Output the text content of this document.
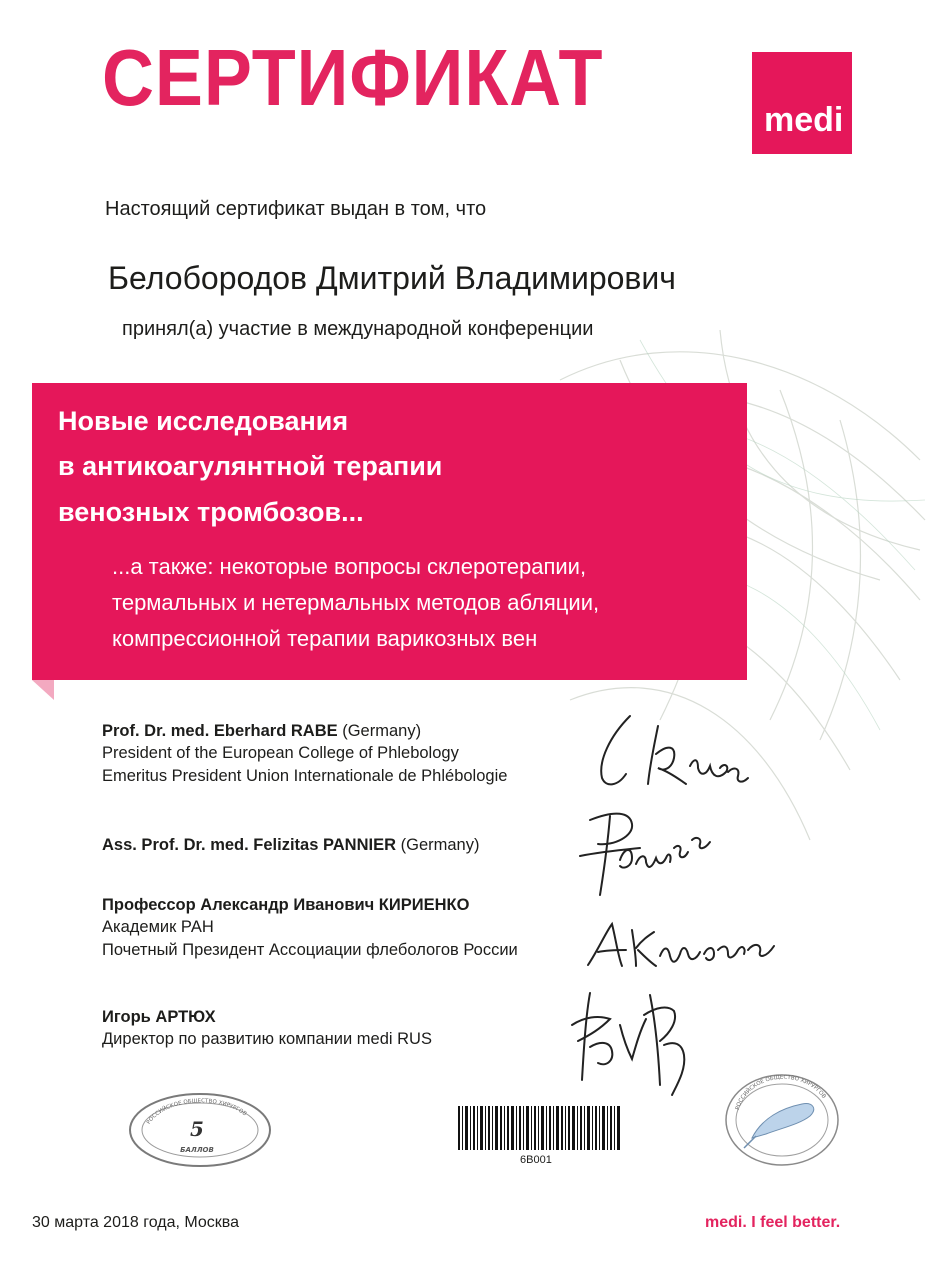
СЕРТИФИКАТ	medi
Настоящий сертификат выдан в том, что
Белобородов Дмитрий Владимирович
принял(а) участие в международной конференции
Новые исследования
в антикоагулянтной терапии
венозных тромбозов...
...а также: некоторые вопросы склеротерапии,
термальных и нетермальных методов абляции,
компрессионной терапии варикозных вен
Prof. Dr. med. Eberhard RABE (Germany)
President of the European College of Phlebology
Emeritus President Union Internationale de Phlébologie
Ass. Prof. Dr. med. Felizitas PANNIER (Germany)
Профессор Александр Иванович КИРИЕНКО
Академик РАН
Почетный Президент Ассоциации флебологов России
Игорь АРТЮХ
Директор по развитию компании medi RUS
РОССИЙСКОЕ ОБЩЕСТВО ХИРУРГОВ
5
БАЛЛОВ
6B001
РОССИЙСКОЕ ОБЩЕСТВО ХИРУРГОВ
30 марта 2018 года, Москва	medi. I feel better.
